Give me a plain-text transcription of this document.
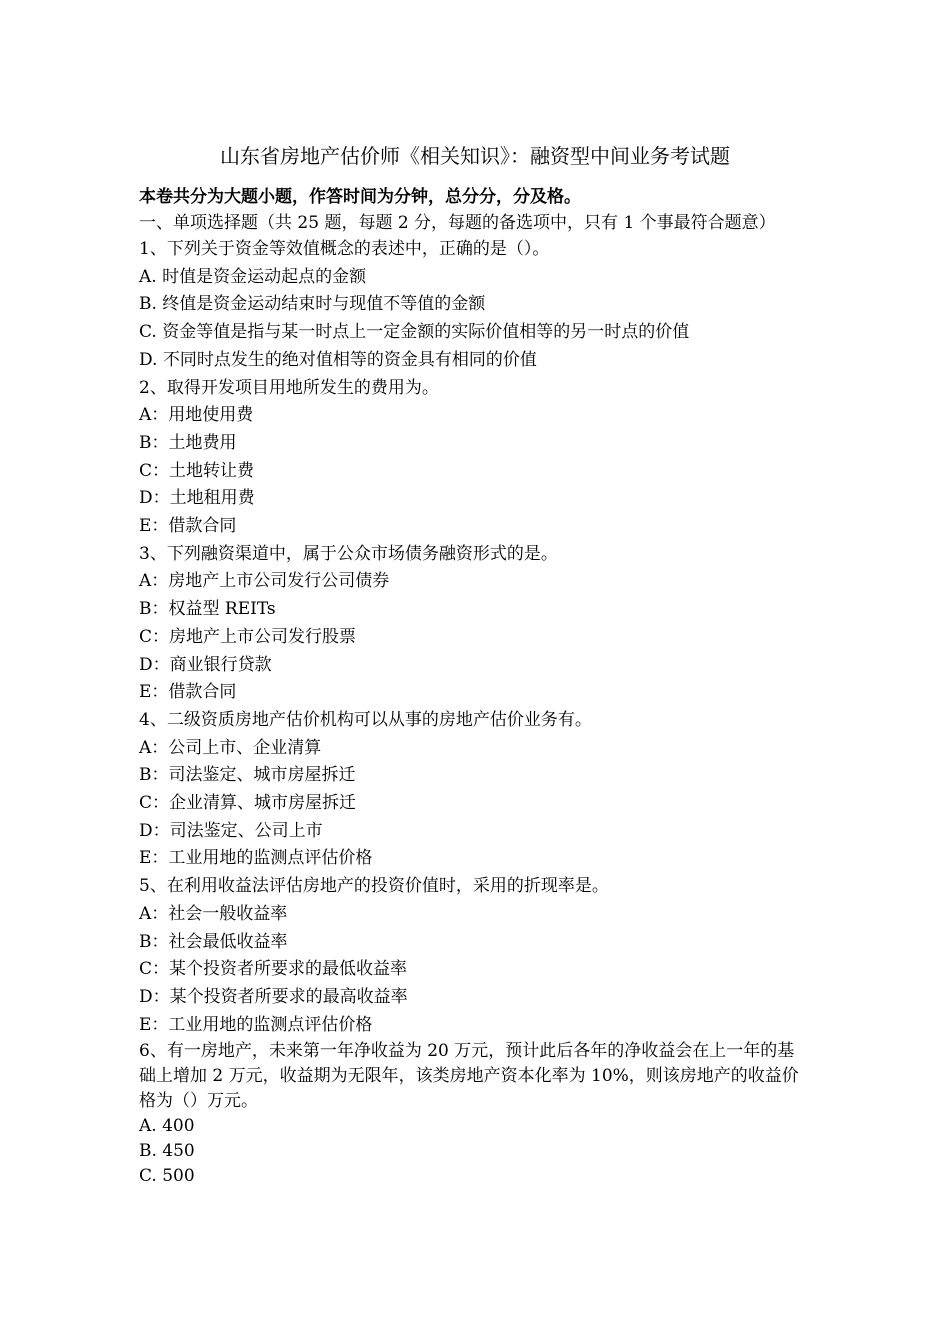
山东省房地产估价师《相关知识》：融资型中间业务考试题
本卷共分为大题小题，作答时间为分钟，总分分，分及格。
一、单项选择题（共 25 题，每题 2 分，每题的备选项中，只有 1 个事最符合题意）
1、下列关于资金等效值概念的表述中，正确的是（）。
A. 时值是资金运动起点的金额
B. 终值是资金运动结束时与现值不等值的金额
C. 资金等值是指与某一时点上一定金额的实际价值相等的另一时点的价值
D. 不同时点发生的绝对值相等的资金具有相同的价值
2、取得开发项目用地所发生的费用为。
A：用地使用费
B：土地费用
C：土地转让费
D：土地租用费
E：借款合同
3、下列融资渠道中，属于公众市场债务融资形式的是。
A：房地产上市公司发行公司债券
B：权益型 REITs
C：房地产上市公司发行股票
D：商业银行贷款
E：借款合同
4、二级资质房地产估价机构可以从事的房地产估价业务有。
A：公司上市、企业清算
B：司法鉴定、城市房屋拆迁
C：企业清算、城市房屋拆迁
D：司法鉴定、公司上市
E：工业用地的监测点评估价格
5、在利用收益法评估房地产的投资价值时，采用的折现率是。
A：社会一般收益率
B：社会最低收益率
C：某个投资者所要求的最低收益率
D：某个投资者所要求的最高收益率
E：工业用地的监测点评估价格
6、有一房地产，未来第一年净收益为 20 万元，预计此后各年的净收益会在上一年的基础上增加 2 万元，收益期为无限年，该类房地产资本化率为 10%，则该房地产的收益价格为（）万元。
A. 400
B. 450
C. 500
